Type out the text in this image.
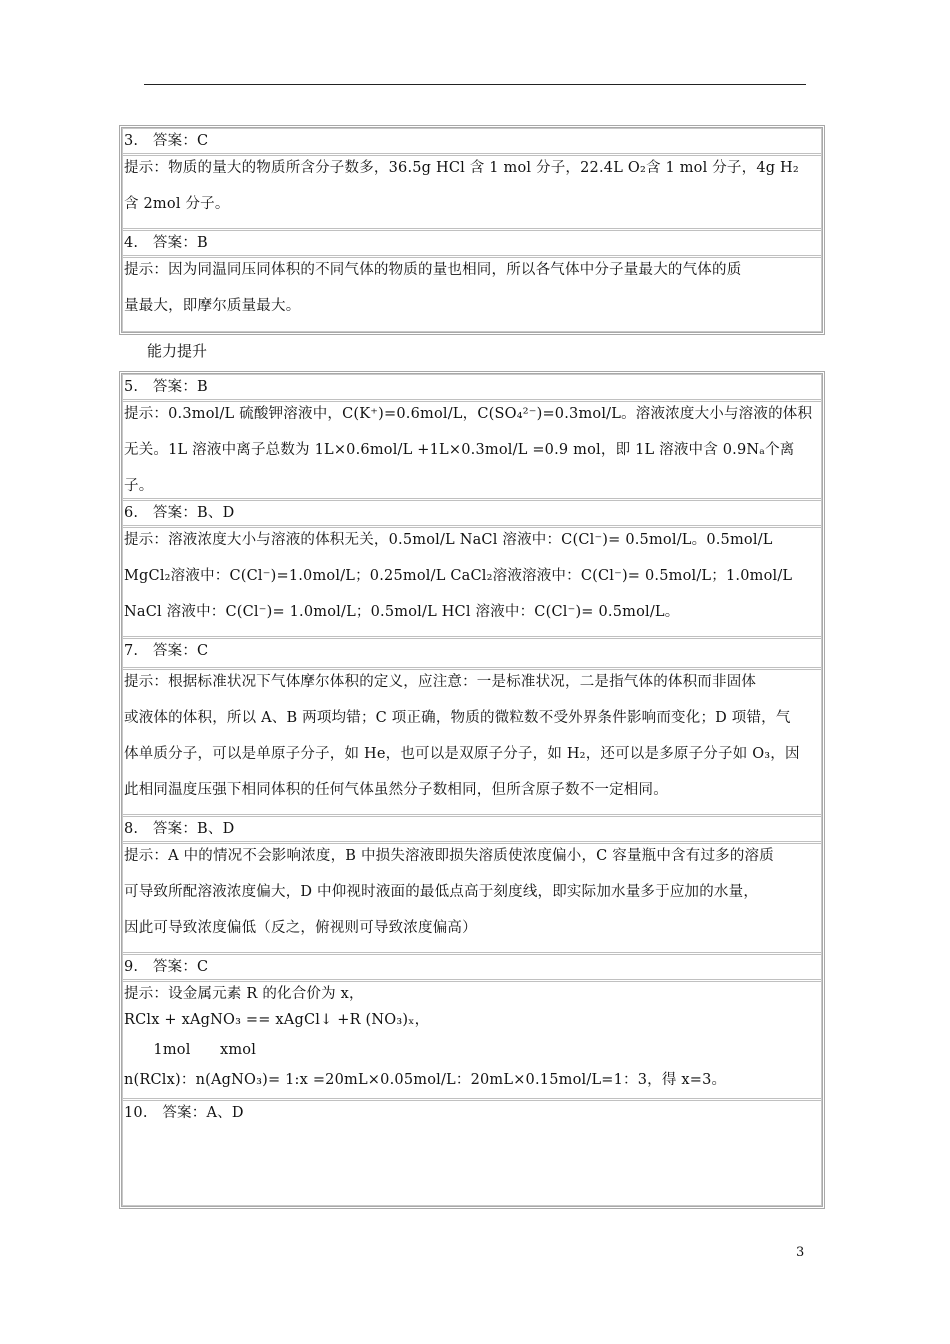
3.　答案：C
提示：物质的量大的物质所含分子数多，36.5g HCl 含 1 mol 分子，22.4L O₂含 1 mol 分子，4g H₂
含 2mol 分子。
4.　答案：B
提示：因为同温同压同体积的不同气体的物质的量也相同，所以各气体中分子量最大的气体的质
量最大，即摩尔质量最大。
能力提升
5.　答案：B
提示：0.3mol/L 硫酸钾溶液中，C(K⁺)=0.6mol/L，C(SO₄²⁻)=0.3mol/L。溶液浓度大小与溶液的体积
无关。1L 溶液中离子总数为 1L×0.6mol/L +1L×0.3mol/L =0.9 mol，即 1L 溶液中含 0.9Nₐ个离
子。
6.　答案：B、D
提示：溶液浓度大小与溶液的体积无关，0.5mol/L NaCl 溶液中：C(Cl⁻)= 0.5mol/L。0.5mol/L
MgCl₂溶液中：C(Cl⁻)=1.0mol/L；0.25mol/L CaCl₂溶液溶液中：C(Cl⁻)= 0.5mol/L；1.0mol/L
NaCl 溶液中：C(Cl⁻)= 1.0mol/L；0.5mol/L HCl 溶液中：C(Cl⁻)= 0.5mol/L。
7.　答案：C
提示：根据标准状况下气体摩尔体积的定义，应注意：一是标准状况，二是指气体的体积而非固体
或液体的体积，所以 A、B 两项均错；C 项正确，物质的微粒数不受外界条件影响而变化；D 项错，气
体单质分子，可以是单原子分子，如 He，也可以是双原子分子，如 H₂，还可以是多原子分子如 O₃，因
此相同温度压强下相同体积的任何气体虽然分子数相同，但所含原子数不一定相同。
8.　答案：B、D
提示：A 中的情况不会影响浓度，B 中损失溶液即损失溶质使浓度偏小，C 容量瓶中含有过多的溶质
可导致所配溶液浓度偏大，D 中仰视时液面的最低点高于刻度线，即实际加水量多于应加的水量，
因此可导致浓度偏低（反之，俯视则可导致浓度偏高）
9.　答案：C
提示：设金属元素 R 的化合价为 x，
RClx + xAgNO₃ == xAgCl↓ +R (NO₃)ₓ，
　　1mol　　xmol
n(RClx)：n(AgNO₃)= 1:x =20mL×0.05mol/L：20mL×0.15mol/L=1：3，得 x=3。
10.　答案：A、D
3
